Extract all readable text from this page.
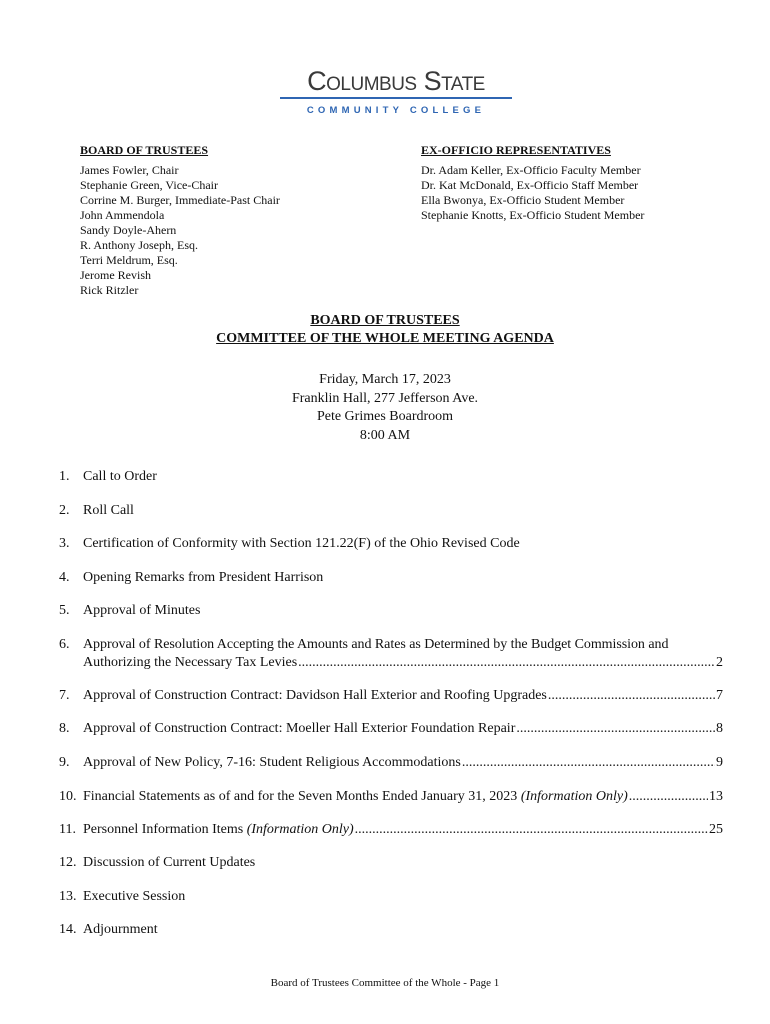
Columbus State
COMMUNITY COLLEGE
BOARD OF TRUSTEES
James Fowler, Chair
Stephanie Green, Vice-Chair
Corrine M. Burger, Immediate-Past Chair
John Ammendola
Sandy Doyle-Ahern
R. Anthony Joseph, Esq.
Terri Meldrum, Esq.
Jerome Revish
Rick Ritzler
EX-OFFICIO REPRESENTATIVES
Dr. Adam Keller, Ex-Officio Faculty Member
Dr. Kat McDonald, Ex-Officio Staff Member
Ella Bwonya, Ex-Officio Student Member
Stephanie Knotts, Ex-Officio Student Member
BOARD OF TRUSTEES
COMMITTEE OF THE WHOLE MEETING AGENDA
Friday, March 17, 2023
Franklin Hall, 277 Jefferson Ave.
Pete Grimes Boardroom
8:00 AM
1. Call to Order
2. Roll Call
3. Certification of Conformity with Section 121.22(F) of the Ohio Revised Code
4. Opening Remarks from President Harrison
5. Approval of Minutes
6. Approval of Resolution Accepting the Amounts and Rates as Determined by the Budget Commission and
Authorizing the Necessary Tax Levies .....	2
7. Approval of Construction Contract: Davidson Hall Exterior and Roofing Upgrades .....	7
8. Approval of Construction Contract: Moeller Hall Exterior Foundation Repair .....	8
9. Approval of New Policy, 7-16: Student Religious Accommodations .....	9
10. Financial Statements as of and for the Seven Months Ended January 31, 2023 (Information Only) .....	13
11. Personnel Information Items (Information Only) .....	25
12. Discussion of Current Updates
13. Executive Session
14. Adjournment
Board of Trustees Committee of the Whole - Page 1
